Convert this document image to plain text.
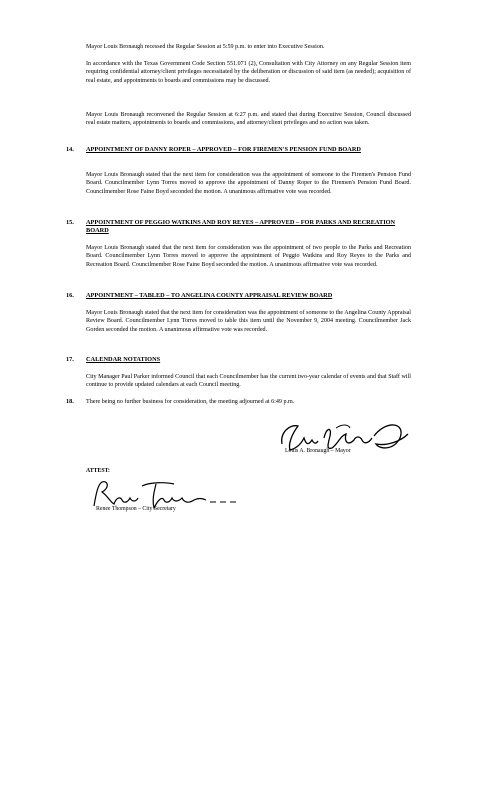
Mayor Louis Bronaugh recessed the Regular Session at 5:59 p.m. to enter into Executive Session.
In accordance with the Texas Government Code Section 551.071 (2), Consultation with City Attorney on any Regular Session item requiring confidential attorney/client privileges necessitated by the deliberation or discussion of said item (as needed); acquisition of real estate, and appointments to boards and commissions may be discussed.
Mayor Louis Bronaugh reconvened the Regular Session at 6:27 p.m. and stated that during Executive Session, Council discussed real estate matters, appointments to boards and commissions, and attorney/client privileges and no action was taken.
14. APPOINTMENT OF DANNY ROPER – APPROVED – FOR FIREMEN'S PENSION FUND BOARD
Mayor Louis Bronaugh stated that the next item for consideration was the appointment of someone to the Firemen's Pension Fund Board. Councilmember Lynn Torres moved to approve the appointment of Danny Roper to the Firemen's Pension Fund Board. Councilmember Rose Faine Boyd seconded the motion. A unanimous affirmative vote was recorded.
15. APPOINTMENT OF PEGGIO WATKINS AND ROY REYES – APPROVED – FOR PARKS AND RECREATION BOARD
Mayor Louis Bronaugh stated that the next item for consideration was the appointment of two people to the Parks and Recreation Board. Councilmember Lynn Torres moved to approve the appointment of Peggio Watkins and Roy Reyes to the Parks and Recreation Board. Councilmember Rose Faine Boyd seconded the motion. A unanimous affirmative vote was recorded.
16. APPOINTMENT – TABLED – TO ANGELINA COUNTY APPRAISAL REVIEW BOARD
Mayor Louis Bronaugh stated that the next item for consideration was the appointment of someone to the Angelina County Appraisal Review Board. Councilmember Lynn Torres moved to table this item until the November 9, 2004 meeting. Councilmember Jack Gorden seconded the motion. A unanimous affirmative vote was recorded.
17. CALENDAR NOTATIONS
City Manager Paul Parker informed Council that each Councilmember has the current two-year calendar of events and that Staff will continue to provide updated calendars at each Council meeting.
18. There being no further business for consideration, the meeting adjourned at 6:49 p.m.
Louis A. Bronaugh – Mayor
ATTEST:
Renee Thompson – City Secretary
